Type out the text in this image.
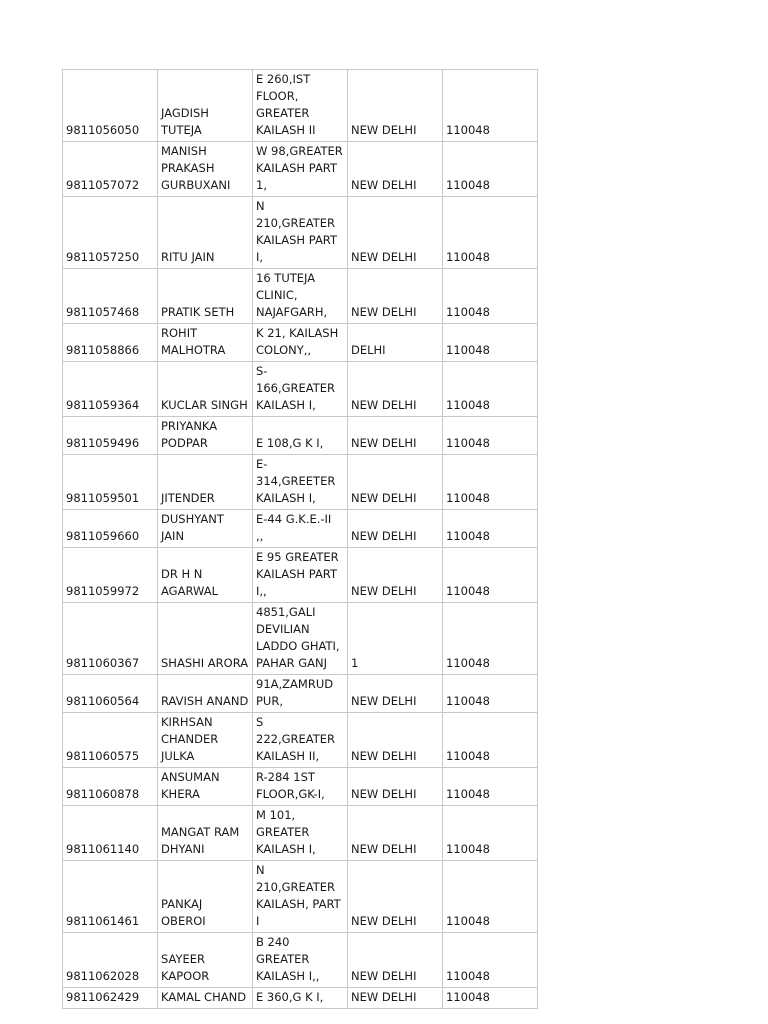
9811056050	JAGDISH
TUTEJA	E 260,IST
FLOOR,
GREATER
KAILASH II	NEW DELHI	110048
9811057072	MANISH
PRAKASH
GURBUXANI	W 98,GREATER
KAILASH PART
1,	NEW DELHI	110048
9811057250	RITU JAIN	N 210,GREATER
KAILASH PART I,	NEW DELHI	110048
9811057468	PRATIK SETH	16 TUTEJA
CLINIC,
NAJAFGARH,	NEW DELHI	110048
9811058866	ROHIT
MALHOTRA	K 21, KAILASH
COLONY,,	DELHI	110048
9811059364	KUCLAR SINGH	S-166,GREATER
KAILASH I,	NEW DELHI	110048
9811059496	PRIYANKA
PODPAR	E 108,G K I,	NEW DELHI	110048
9811059501	JITENDER	E-314,GREETER
KAILASH I,	NEW DELHI	110048
9811059660	DUSHYANT JAIN	E-44 G.K.E.-II
,,	NEW DELHI	110048
9811059972	DR H N
AGARWAL	E 95 GREATER
KAILASH PART
I,,	NEW DELHI	110048
9811060367	SHASHI ARORA	4851,GALI
DEVILIAN
LADDO GHATI,
PAHAR GANJ	1	110048
9811060564	RAVISH ANAND	91A,ZAMRUD
PUR,	NEW DELHI	110048
9811060575	KIRHSAN
CHANDER
JULKA	S 222,GREATER
KAILASH II,	NEW DELHI	110048
9811060878	ANSUMAN
KHERA	R-284 1ST
FLOOR,GK-I,	NEW DELHI	110048
9811061140	MANGAT RAM
DHYANI	M 101,
GREATER
KAILASH I,	NEW DELHI	110048
9811061461	PANKAJ OBEROI	N 210,GREATER
KAILASH, PART I	NEW DELHI	110048
9811062028	SAYEER
KAPOOR	B 240 GREATER
KAILASH I,,	NEW DELHI	110048
9811062429	KAMAL CHAND	E 360,G K I,	NEW DELHI	110048
